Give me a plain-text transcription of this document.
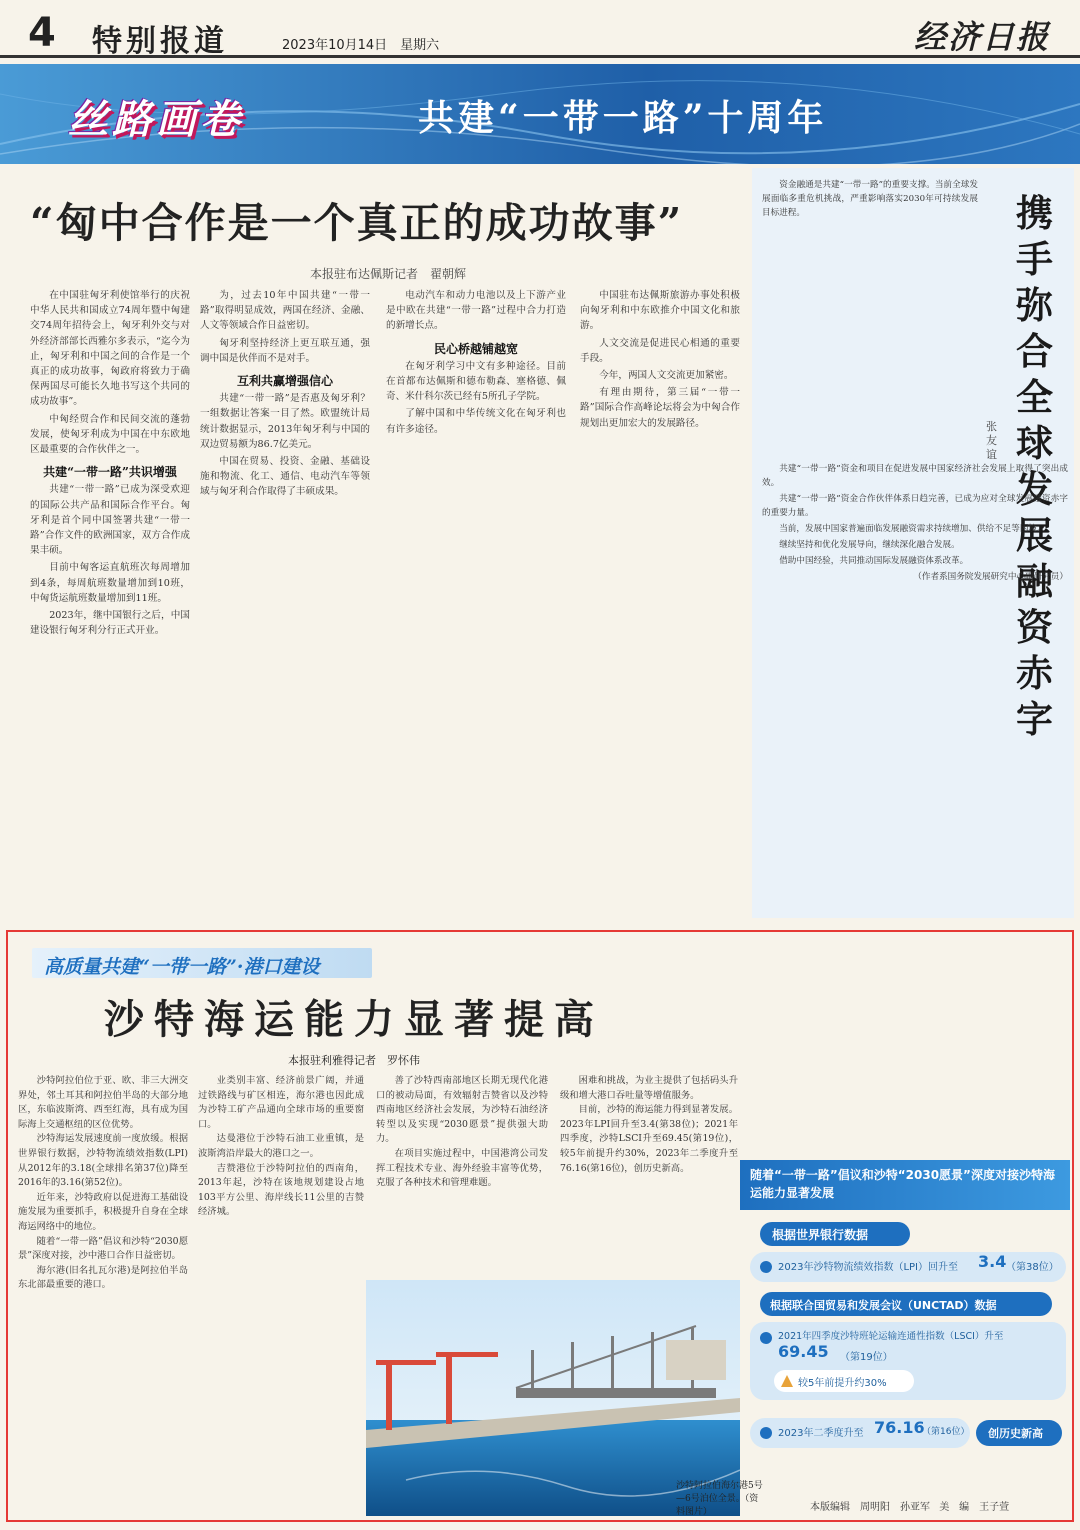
4 特别报道	2023年10月14日　星期六	经济日报
丝路画卷	共建“一带一路”十周年
“匈中合作是一个真正的成功故事”
本报驻布达佩斯记者　翟朝辉

在中国驻匈牙利使馆举行的庆祝中华人民共和国成立74周年暨中匈建交74周年招待会上，匈牙利外交与对外经济部部长西雅尔多表示，“迄今为止，匈牙利和中国之间的合作是一个真正的成功故事，匈政府将致力于确保两国尽可能长久地书写这个共同的成功故事”。

中匈经贸合作和民间交流的蓬勃发展，使匈牙利成为中国在中东欧地区最重要的合作伙伴之一。

共建“一带一路”共识增强

共建“一带一路”已成为深受欢迎的国际公共产品和国际合作平台。匈牙利是首个同中国签署共建“一带一路”合作文件的欧洲国家，双方合作成果丰硕。

目前中匈客运直航班次每周增加到4条，每周航班数量增加到10班，中匈货运航班数量增加到11班。

2023年，继中国银行之后，中国建设银行匈牙利分行正式开业。

为，过去10年中国共建“一带一路”取得明显成效，两国在经济、金融、人文等领域合作日益密切。

匈牙利坚持经济上更互联互通，强调中国是伙伴而不是对手。

互利共赢增强信心

共建“一带一路”是否惠及匈牙利？一组数据让答案一目了然。欧盟统计局统计数据显示，2013年匈牙利与中国的双边贸易额为86.7亿美元。

中国在贸易、投资、金融、基础设施和物流、化工、通信、电动汽车等领域与匈牙利合作取得了丰硕成果。

电动汽车和动力电池以及上下游产业是中欧在共建“一带一路”过程中合力打造的新增长点。

民心桥越铺越宽

在匈牙利学习中文有多种途径。目前在首都布达佩斯和德布勒森、塞格德、佩奇、米什科尔茨已经有5所孔子学院。

了解中国和中华传统文化在匈牙利也有许多途径。

中国驻布达佩斯旅游办事处积极向匈牙利和中东欧推介中国文化和旅游。

人文交流是促进民心相通的重要手段。

今年，两国人文交流更加紧密。

有理由期待，第三届“一带一路”国际合作高峰论坛将会为中匈合作规划出更加宏大的发展路径。

携手弥合全球发展融资赤字
张友谊

资金融通是共建“一带一路”的重要支撑。当前全球发展面临多重危机挑战，严重影响落实2030年可持续发展目标进程。

共建“一带一路”资金和项目在促进发展中国家经济社会发展上取得了突出成效。

共建“一带一路”资金合作伙伴体系日趋完善，已成为应对全球发展融资赤字的重要力量。

当前，发展中国家普遍面临发展融资需求持续增加、供给不足等困境。

继续坚持和优化发展导向，继续深化融合发展。

借助中国经验，共同推动国际发展融资体系改革。

（作者系国务院发展研究中心副研究员）

高质量共建“一带一路”·港口建设
沙特海运能力显著提高
本报驻利雅得记者　罗怀伟

沙特阿拉伯位于亚、欧、非三大洲交界处，邻土耳其和阿拉伯半岛的大部分地区，东临波斯湾、西至红海，具有成为国际海上交通枢纽的区位优势。

沙特海运发展速度前一度放缓。根据世界银行数据，沙特物流绩效指数(LPI)从2012年的3.18(全球排名第37位)降至2016年的3.16(第52位)。

近年来，沙特政府以促进海工基础设施发展为重要抓手，积极提升自身在全球海运网络中的地位。

随着“一带一路”倡议和沙特“2030愿景”深度对接，沙中港口合作日益密切。

海尔港(旧名扎瓦尔港)是阿拉伯半岛东北部最重要的港口。

业类别丰富、经济前景广阔，并通过铁路线与矿区相连，海尔港也因此成为沙特工矿产品通向全球市场的重要窗口。

达曼港位于沙特石油工业重镇，是波斯湾沿岸最大的港口之一。

吉赞港位于沙特阿拉伯的西南角，2013年起，沙特在该地规划建设占地103平方公里、海岸线长11公里的吉赞经济城。

善了沙特西南部地区长期无现代化港口的被动局面，有效辐射吉赞省以及沙特西南地区经济社会发展，为沙特石油经济转型以及实现“2030愿景”提供强大助力。

在项目实施过程中，中国港湾公司发挥工程技术专业、海外经验丰富等优势，克服了各种技术和管理难题。

困难和挑战，为业主提供了包括码头升级和增大港口吞吐量等增值服务。

目前，沙特的海运能力得到显著发展。2023年LPI回升至3.4(第38位)；2021年四季度，沙特LSCI升至69.45(第19位)，较5年前提升约30%，2023年二季度升至76.16(第16位)，创历史新高。

沙特阿拉伯海尔港5号—6号泊位全景。（资料图片）
随着“一带一路”倡议和沙特“2030愿景”深度对接沙特海运能力显著发展
根据世界银行数据
2023年沙特物流绩效指数（LPI）回升至 3.4 （第38位）
根据联合国贸易和发展会议（UNCTAD）数据
2021年四季度沙特班轮运输连通性指数（LSCI）升至
69.45 （第19位）
较5年前提升约30%
2023年二季度升至 76.16
（第16位） 创历史新高
本版编辑　周明阳　孙亚军 美　编　王子萱
